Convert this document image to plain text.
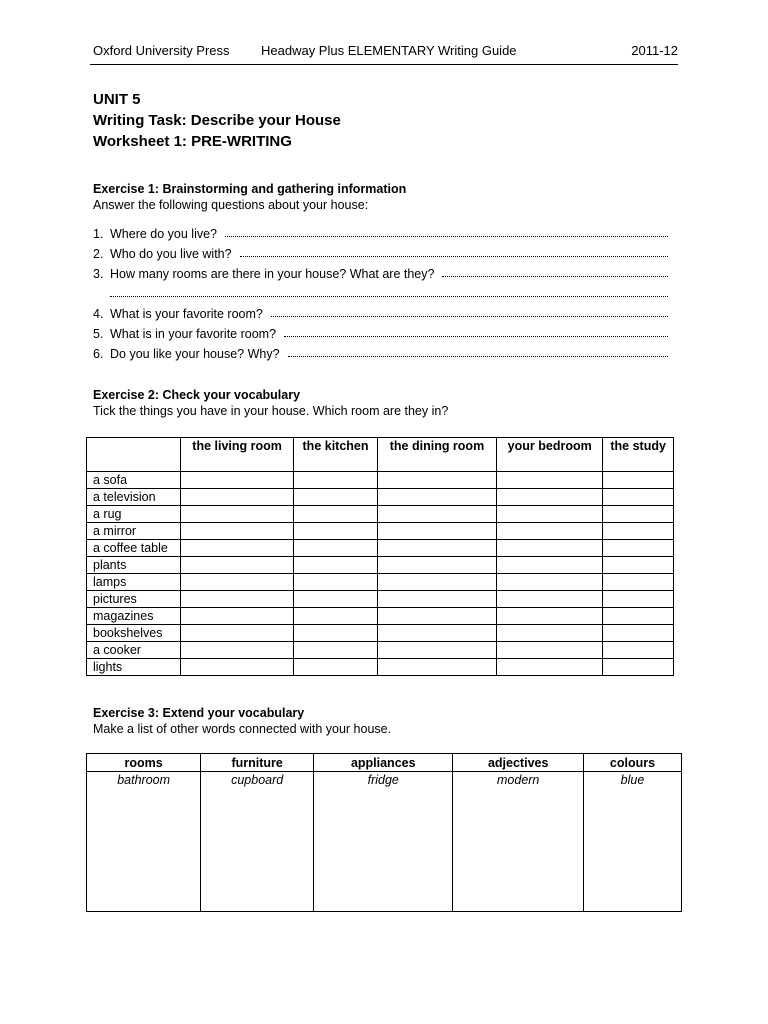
Oxford University Press Headway Plus ELEMENTARY Writing Guide	2011-12
UNIT 5
Writing Task: Describe your House
Worksheet 1: PRE-WRITING
Exercise 1: Brainstorming and gathering information
Answer the following questions about your house:
1. Where do you live?
2. Who do you live with?
3. How many rooms are there in your house? What are they?
4. What is your favorite room?
5. What is in your favorite room?
6. Do you like your house? Why?
Exercise 2: Check your vocabulary
Tick the things you have in your house. Which room are they in?
	the living room	the kitchen	the dining room	your bedroom	the study
a sofa					
a television					
a rug					
a mirror					
a coffee table					
plants					
lamps					
pictures					
magazines					
bookshelves					
a cooker					
lights					
Exercise 3: Extend your vocabulary
Make a list of other words connected with your house.
rooms	furniture	appliances	adjectives	colours
bathroom	cupboard	fridge	modern	blue
